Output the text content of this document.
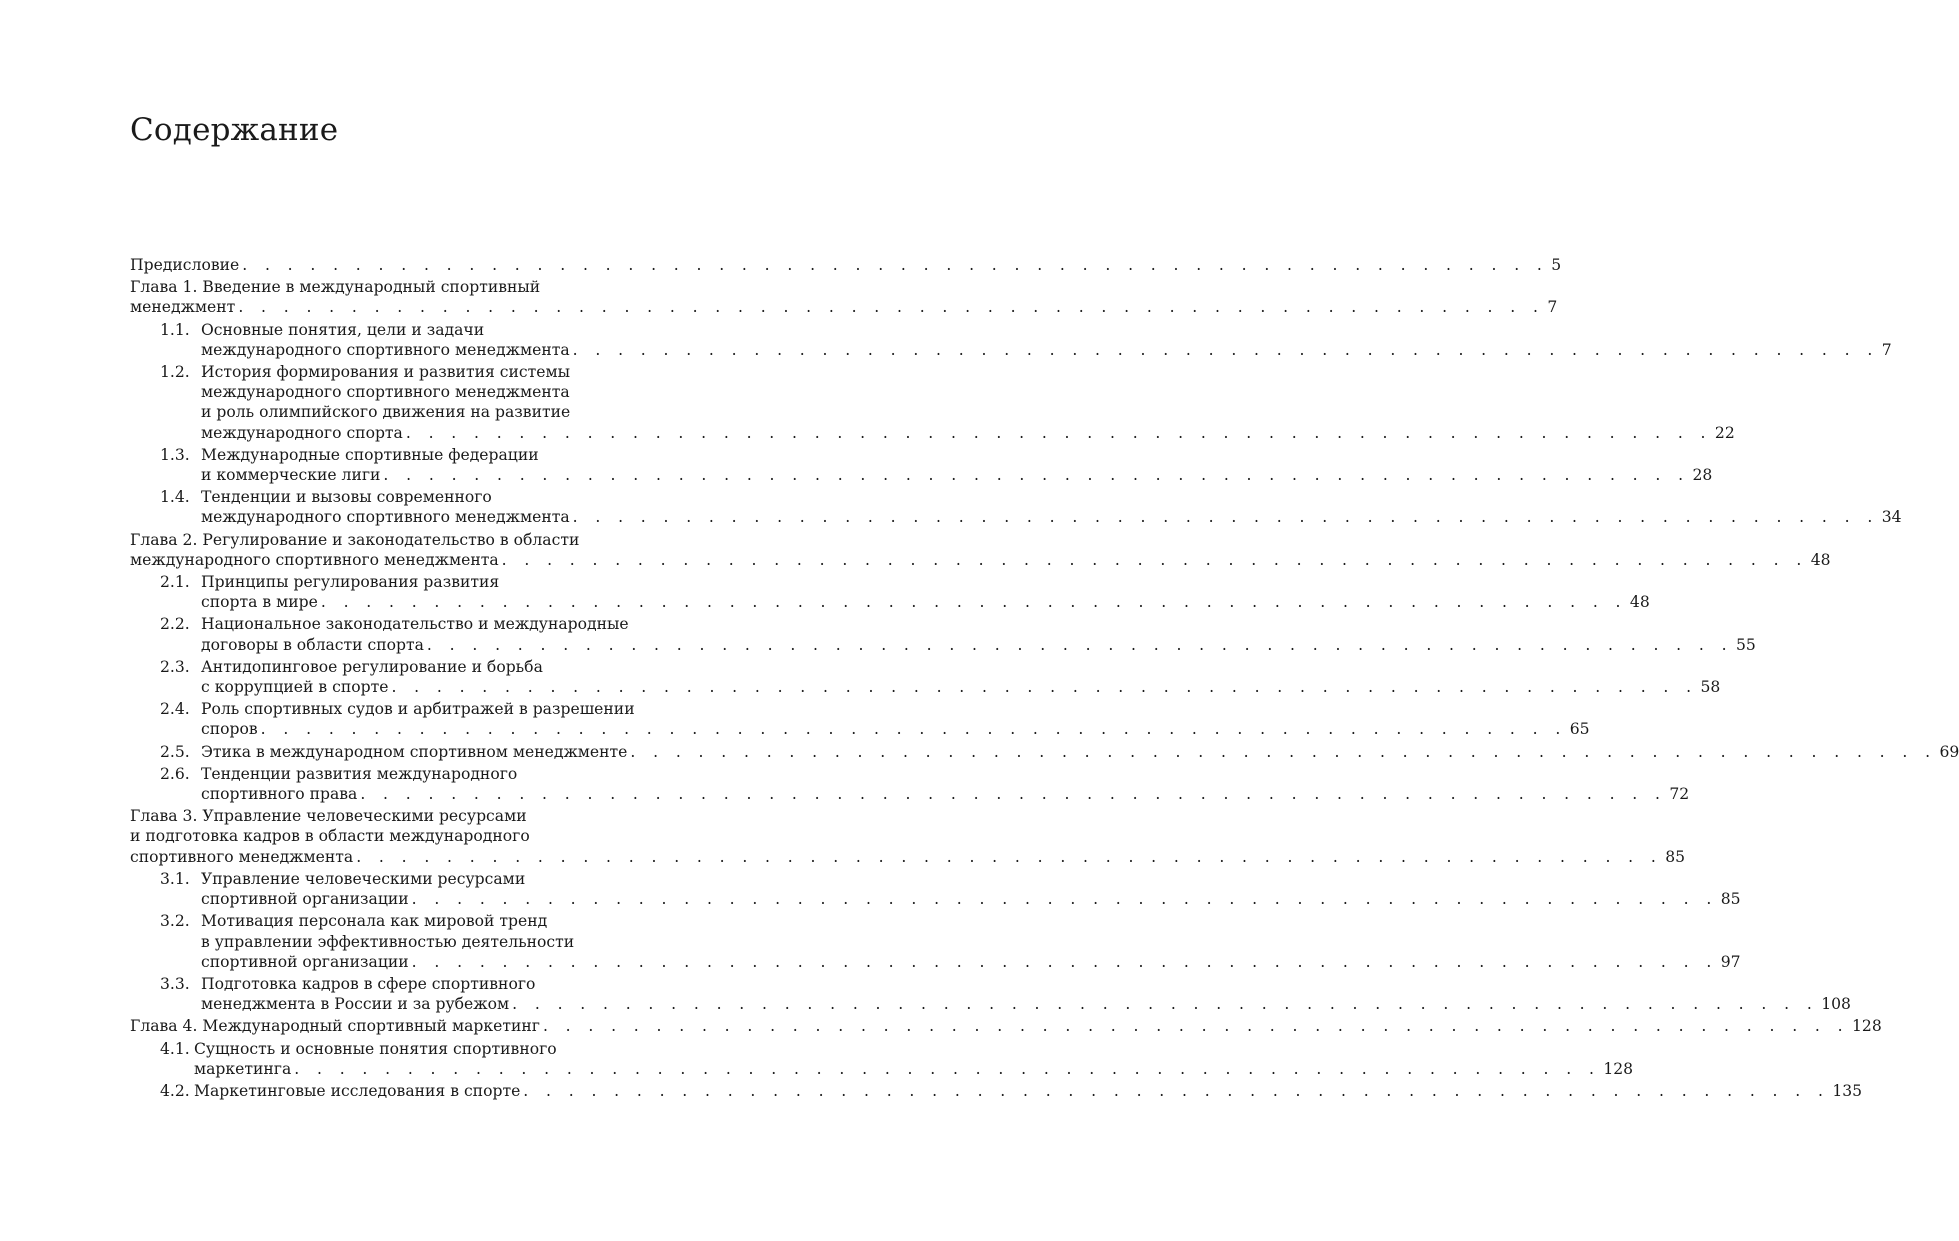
Содержание
Предисловие . . . . . . . . . . . . . . . . . . . . . . . . . . . . . . . . . . . . . . . . . . . . . . . . . . . . . . . . . . 5
Глава 1. Введение в международный спортивный
менеджмент . . . . . . . . . . . . . . . . . . . . . . . . . . . . . . . . . . . . . . . . . . . . . . . . . . . . . . . . . . 7
1.1. Основные понятия, цели и задачи
международного спортивного менеджмента . . . . . . . . . . . . . . . . . . . . . . . . . . . . . . . . . . . . . . . . . . . . . . . . . . . . . . . . . . 7
1.2. История формирования и развития системы
международного спортивного менеджмента
и роль олимпийского движения на развитие
международного спорта . . . . . . . . . . . . . . . . . . . . . . . . . . . . . . . . . . . . . . . . . . . . . . . . . . . . . . . . . . 22
1.3. Международные спортивные федерации
и коммерческие лиги . . . . . . . . . . . . . . . . . . . . . . . . . . . . . . . . . . . . . . . . . . . . . . . . . . . . . . . . . . 28
1.4. Тенденции и вызовы современного
международного спортивного менеджмента . . . . . . . . . . . . . . . . . . . . . . . . . . . . . . . . . . . . . . . . . . . . . . . . . . . . . . . . . . 34
Глава 2. Регулирование и законодательство в области
международного спортивного менеджмента . . . . . . . . . . . . . . . . . . . . . . . . . . . . . . . . . . . . . . . . . . . . . . . . . . . . . . . . . . 48
2.1. Принципы регулирования развития
спорта в мире . . . . . . . . . . . . . . . . . . . . . . . . . . . . . . . . . . . . . . . . . . . . . . . . . . . . . . . . . . 48
2.2. Национальное законодательство и международные
договоры в области спорта . . . . . . . . . . . . . . . . . . . . . . . . . . . . . . . . . . . . . . . . . . . . . . . . . . . . . . . . . . 55
2.3. Антидопинговое регулирование и борьба
с коррупцией в спорте . . . . . . . . . . . . . . . . . . . . . . . . . . . . . . . . . . . . . . . . . . . . . . . . . . . . . . . . . . 58
2.4. Роль спортивных судов и арбитражей в разрешении
споров . . . . . . . . . . . . . . . . . . . . . . . . . . . . . . . . . . . . . . . . . . . . . . . . . . . . . . . . . . 65
2.5. Этика в международном спортивном менеджменте . . . . . . . . . . . . . . . . . . . . . . . . . . . . . . . . . . . . . . . . . . . . . . . . . . . . . . . . . . 69
2.6. Тенденции развития международного
спортивного права . . . . . . . . . . . . . . . . . . . . . . . . . . . . . . . . . . . . . . . . . . . . . . . . . . . . . . . . . . 72
Глава 3. Управление человеческими ресурсами
и подготовка кадров в области международного
спортивного менеджмента . . . . . . . . . . . . . . . . . . . . . . . . . . . . . . . . . . . . . . . . . . . . . . . . . . . . . . . . . . 85
3.1. Управление человеческими ресурсами
спортивной организации . . . . . . . . . . . . . . . . . . . . . . . . . . . . . . . . . . . . . . . . . . . . . . . . . . . . . . . . . . 85
3.2. Мотивация персонала как мировой тренд
в управлении эффективностью деятельности
спортивной организации . . . . . . . . . . . . . . . . . . . . . . . . . . . . . . . . . . . . . . . . . . . . . . . . . . . . . . . . . . 97
3.3. Подготовка кадров в сфере спортивного
менеджмента в России и за рубежом . . . . . . . . . . . . . . . . . . . . . . . . . . . . . . . . . . . . . . . . . . . . . . . . . . . . . . . . . . 108
Глава 4. Международный спортивный маркетинг . . . . . . . . . . . . . . . . . . . . . . . . . . . . . . . . . . . . . . . . . . . . . . . . . . . . . . . . . . 128
4.1. Сущность и основные понятия спортивного
маркетинга . . . . . . . . . . . . . . . . . . . . . . . . . . . . . . . . . . . . . . . . . . . . . . . . . . . . . . . . . . 128
4.2. Маркетинговые исследования в спорте . . . . . . . . . . . . . . . . . . . . . . . . . . . . . . . . . . . . . . . . . . . . . . . . . . . . . . . . . . 135
